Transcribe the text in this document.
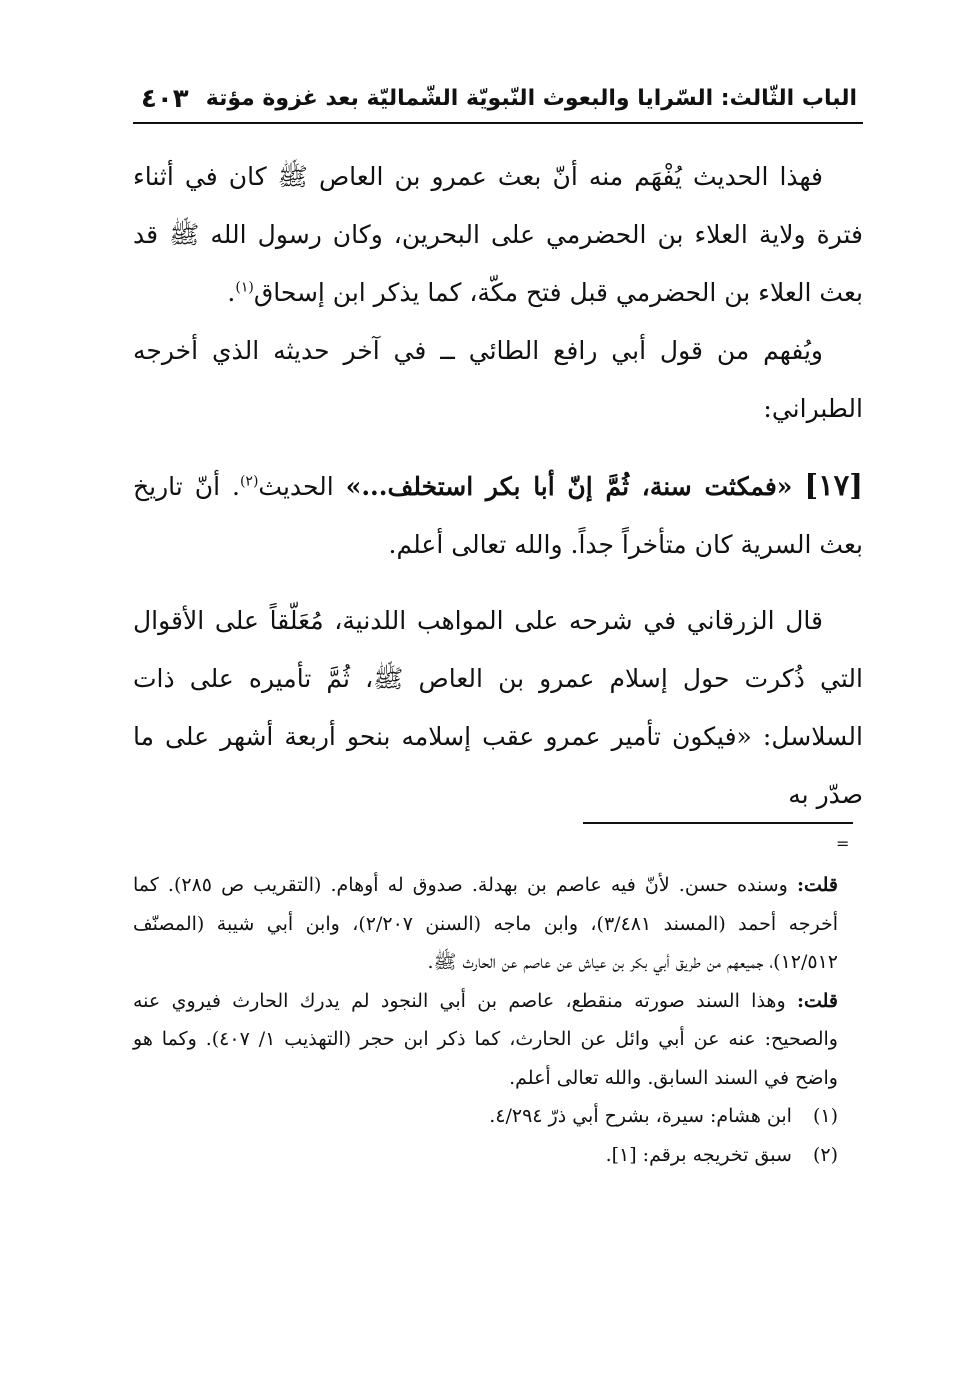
الباب الثّالث: السّرايا والبعوث النّبويّة الشّماليّة بعد غزوة مؤتة
٤٠٣

فهذا الحديث يُفْهَم منه أنّ بعث عمرو بن العاص ﷺ كان في أثناء فترة ولاية العلاء بن الحضرمي على البحرين، وكان رسول الله ﷺ قد بعث العلاء بن الحضرمي قبل فتح مكّة، كما يذكر ابن إسحاق$^{(١)}$.

ويُفهم من قول أبي رافع الطائي ــ في آخر حديثه الذي أخرجه الطبراني:

[١٧] «فمكثت سنة، ثُمَّ إنّ أبا بكر استخلف...» الحديث$^{(٢)}$. أنّ تاريخ بعث السرية كان متأخراً جداً. والله تعالى أعلم.

قال الزرقاني في شرحه على المواهب اللدنية، مُعَلّقاً على الأقوال التي ذُكرت حول إسلام عمرو بن العاص ﷺ، ثُمَّ تأميره على ذات السلاسل: «فيكون تأمير عمرو عقب إسلامه بنحو أربعة أشهر على ما صدّر به

=

قلت: وسنده حسن. لأنّ فيه عاصم بن بهدلة. صدوق له أوهام. (التقريب ص ٢٨٥). كما أخرجه أحمد (المسند ٣/٤٨١)، وابن ماجه (السنن ٢/٢٠٧)، وابن أبي شيبة (المصنّف ١٢/٥١٢)، جميعهم من طريق أبي بكر بن عياش عن عاصم عن الحارث ﷺ.

قلت: وهذا السند صورته منقطع، عاصم بن أبي النجود لم يدرك الحارث فيروي عنه والصحيح: عنه عن أبي وائل عن الحارث، كما ذكر ابن حجر (التهذيب ١/ ٤٠٧). وكما هو واضح في السند السابق. والله تعالى أعلم.

(١) ابن هشام: سيرة، بشرح أبي ذرّ ٤/٢٩٤.

(٢) سبق تخريجه برقم: [١].
